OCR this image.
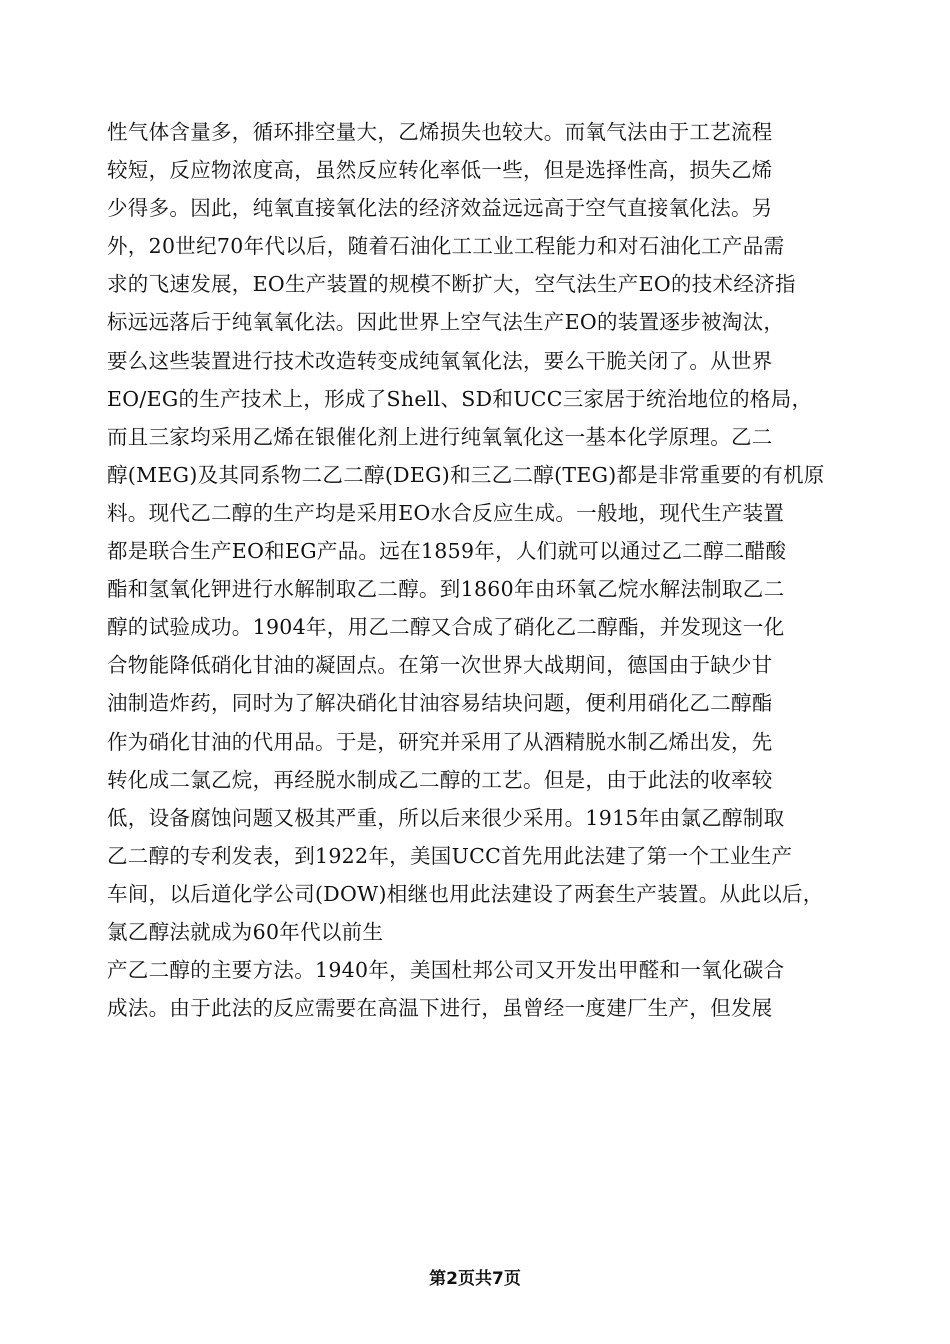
性气体含量多，循环排空量大，乙烯损失也较大。而氧气法由于工艺流程
较短，反应物浓度高，虽然反应转化率低一些，但是选择性高，损失乙烯
少得多。因此，纯氧直接氧化法的经济效益远远高于空气直接氧化法。另
外，20世纪70年代以后，随着石油化工工业工程能力和对石油化工产品需
求的飞速发展，EO生产装置的规模不断扩大，空气法生产EO的技术经济指
标远远落后于纯氧氧化法。因此世界上空气法生产EO的装置逐步被淘汰，
要么这些装置进行技术改造转变成纯氧氧化法，要么干脆关闭了。从世界
EO/EG的生产技术上，形成了Shell、SD和UCC三家居于统治地位的格局，
而且三家均采用乙烯在银催化剂上进行纯氧氧化这一基本化学原理。乙二
醇(MEG)及其同系物二乙二醇(DEG)和三乙二醇(TEG)都是非常重要的有机原
料。现代乙二醇的生产均是采用EO水合反应生成。一般地，现代生产装置
都是联合生产EO和EG产品。远在1859年，人们就可以通过乙二醇二醋酸
酯和氢氧化钾进行水解制取乙二醇。到1860年由环氧乙烷水解法制取乙二
醇的试验成功。1904年，用乙二醇又合成了硝化乙二醇酯，并发现这一化
合物能降低硝化甘油的凝固点。在第一次世界大战期间，德国由于缺少甘
油制造炸药，同时为了解决硝化甘油容易结块问题，便利用硝化乙二醇酯
作为硝化甘油的代用品。于是，研究并采用了从酒精脱水制乙烯出发，先
转化成二氯乙烷，再经脱水制成乙二醇的工艺。但是，由于此法的收率较
低，设备腐蚀问题又极其严重，所以后来很少采用。1915年由氯乙醇制取
乙二醇的专利发表，到1922年，美国UCC首先用此法建了第一个工业生产
车间，以后道化学公司(DOW)相继也用此法建设了两套生产装置。从此以后，
氯乙醇法就成为60年代以前生
产乙二醇的主要方法。1940年，美国杜邦公司又开发出甲醛和一氧化碳合
成法。由于此法的反应需要在高温下进行，虽曾经一度建厂生产，但发展
第2页共7页
